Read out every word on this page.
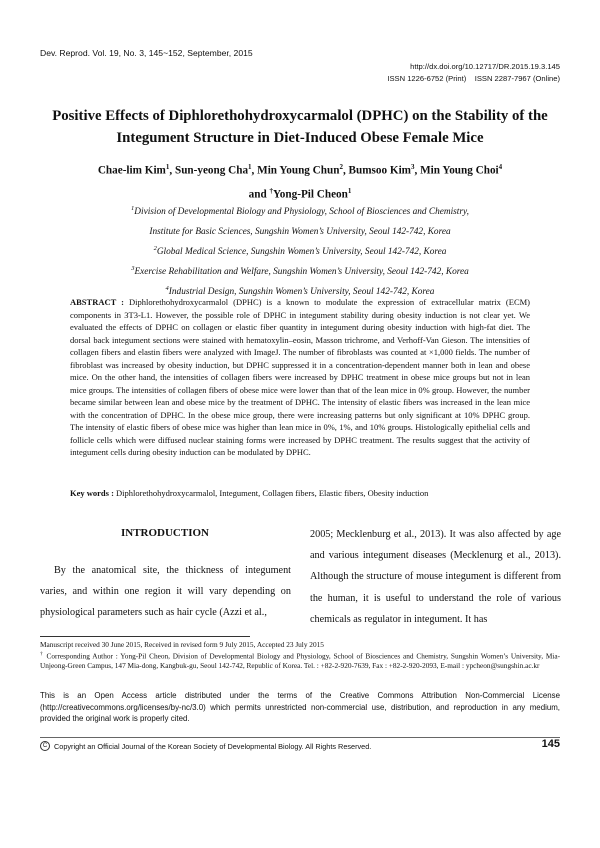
Dev. Reprod. Vol. 19, No. 3, 145~152, September, 2015
http://dx.doi.org/10.12717/DR.2015.19.3.145
ISSN 1226-6752 (Print)    ISSN 2287-7967 (Online)
Positive Effects of Diphlorethohydroxycarmalol (DPHC) on the Stability of the Integument Structure in Diet-Induced Obese Female Mice
Chae-lim Kim$^1$, Sun-yeong Cha$^1$, Min Young Chun$^2$, Bumsoo Kim$^3$, Min Young Choi$^4$
and †Yong-Pil Cheon$^1$
$^1$Division of Developmental Biology and Physiology, School of Biosciences and Chemistry,
Institute for Basic Sciences, Sungshin Women’s University, Seoul 142-742, Korea
$^2$Global Medical Science, Sungshin Women’s University, Seoul 142-742, Korea
$^3$Exercise Rehabilitation and Welfare, Sungshin Women’s University, Seoul 142-742, Korea
$^4$Industrial Design, Sungshin Women’s University, Seoul 142-742, Korea
ABSTRACT : Diphlorethohydroxycarmalol (DPHC) is a known to modulate the expression of extracellular matrix (ECM) components in 3T3-L1. However, the possible role of DPHC in integument stability during obesity induction is not clear yet. We evaluated the effects of DPHC on collagen or elastic fiber quantity in integument during obesity induction with high-fat diet. The dorsal back integument sections were stained with hematoxylin–eosin, Masson trichrome, and Verhoff-Van Gieson. The intensities of collagen fibers and elastin fibers were analyzed with ImageJ. The number of fibroblasts was counted at ×1,000 fields. The number of fibroblast was increased by obesity induction, but DPHC suppressed it in a concentration-dependent manner both in lean and obese mice. On the other hand, the intensities of collagen fibers were increased by DPHC treatment in obese mice groups but not in lean mice groups. The intensities of collagen fibers of obese mice were lower than that of the lean mice in 0% group. However, the number became similar between lean and obese mice by the treatment of DPHC. The intensity of elastic fibers was increased in the lean mice with the concentration of DPHC. In the obese mice group, there were increasing patterns but only significant at 10% DPHC group. The intensity of elastic fibers of obese mice was higher than lean mice in 0%, 1%, and 10% groups. Histologically epithelial cells and follicle cells which were diffused nuclear staining forms were increased by DPHC treatment. The results suggest that the activity of integument cells during obesity induction can be modulated by DPHC.
Key words : Diphlorethohydroxycarmalol, Integument, Collagen fibers, Elastic fibers, Obesity induction
INTRODUCTION
By the anatomical site, the thickness of integument varies, and within one region it will vary depending on physiological parameters such as hair cycle (Azzi et al.,
2005; Mecklenburg et al., 2013). It was also affected by age and various integument diseases (Mecklenurg et al., 2013). Although the structure of mouse integument is different from the human, it is useful to understand the role of various chemicals as regulator in integument. It has
Manuscript received 30 June 2015, Received in revised form 9 July 2015, Accepted 23 July 2015
† Corresponding Author : Yong-Pil Cheon, Division of Developmental Biology and Physiology, School of Biosciences and Chemistry, Sungshin Women’s University, Mia-Unjeong-Green Campus, 147 Mia-dong, Kangbuk-gu, Seoul 142-742, Republic of Korea. Tel. : +82-2-920-7639, Fax : +82-2-920-2093, E-mail : ypcheon@sungshin.ac.kr
This is an Open Access article distributed under the terms of the Creative Commons Attribution Non-Commercial License (http://creativecommons.org/licenses/by-nc/3.0) which permits unrestricted non-commercial use, distribution, and reproduction in any medium, provided the original work is properly cited.
C Copyright an Official Journal of the Korean Society of Developmental Biology. All Rights Reserved.	145
